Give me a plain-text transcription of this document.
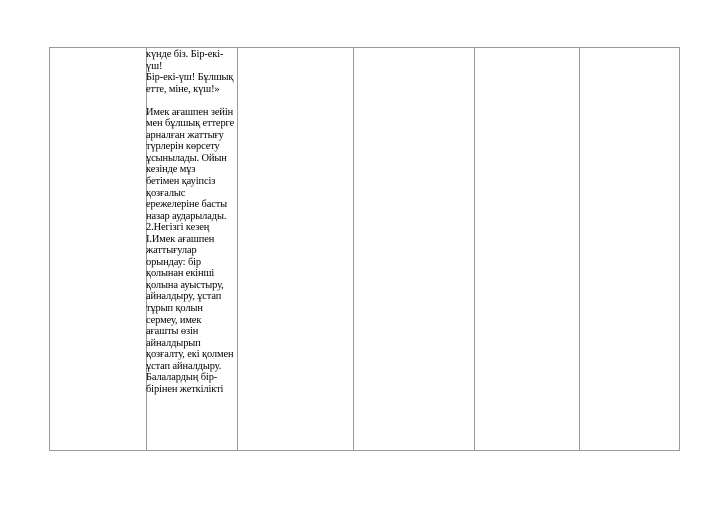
күнде біз. Бір-екі-
үш!
Бір-екі-үш! Бұлшық
етте, міне, күш!»

Имек ағашпен зейін
мен бұлшық еттерге
арналған жаттығу
түрлерін көрсету
ұсынылады. Ойын
кезінде мұз
бетімен қауіпсіз
қозғалыс
ережелеріне басты
назар аударылады.
2.Негізгі кезең
I.Имек ағашпен
жаттығулар
орындау: бір
қолынан екінші
қолына ауыстыру,
айналдыру, ұстап
тұрып қолын
сермеу, имек
ағашты өзін
айналдырып
қозғалту, екі қолмен
ұстап айналдыру.
Балалардың бір-
бірінен жеткілікті
